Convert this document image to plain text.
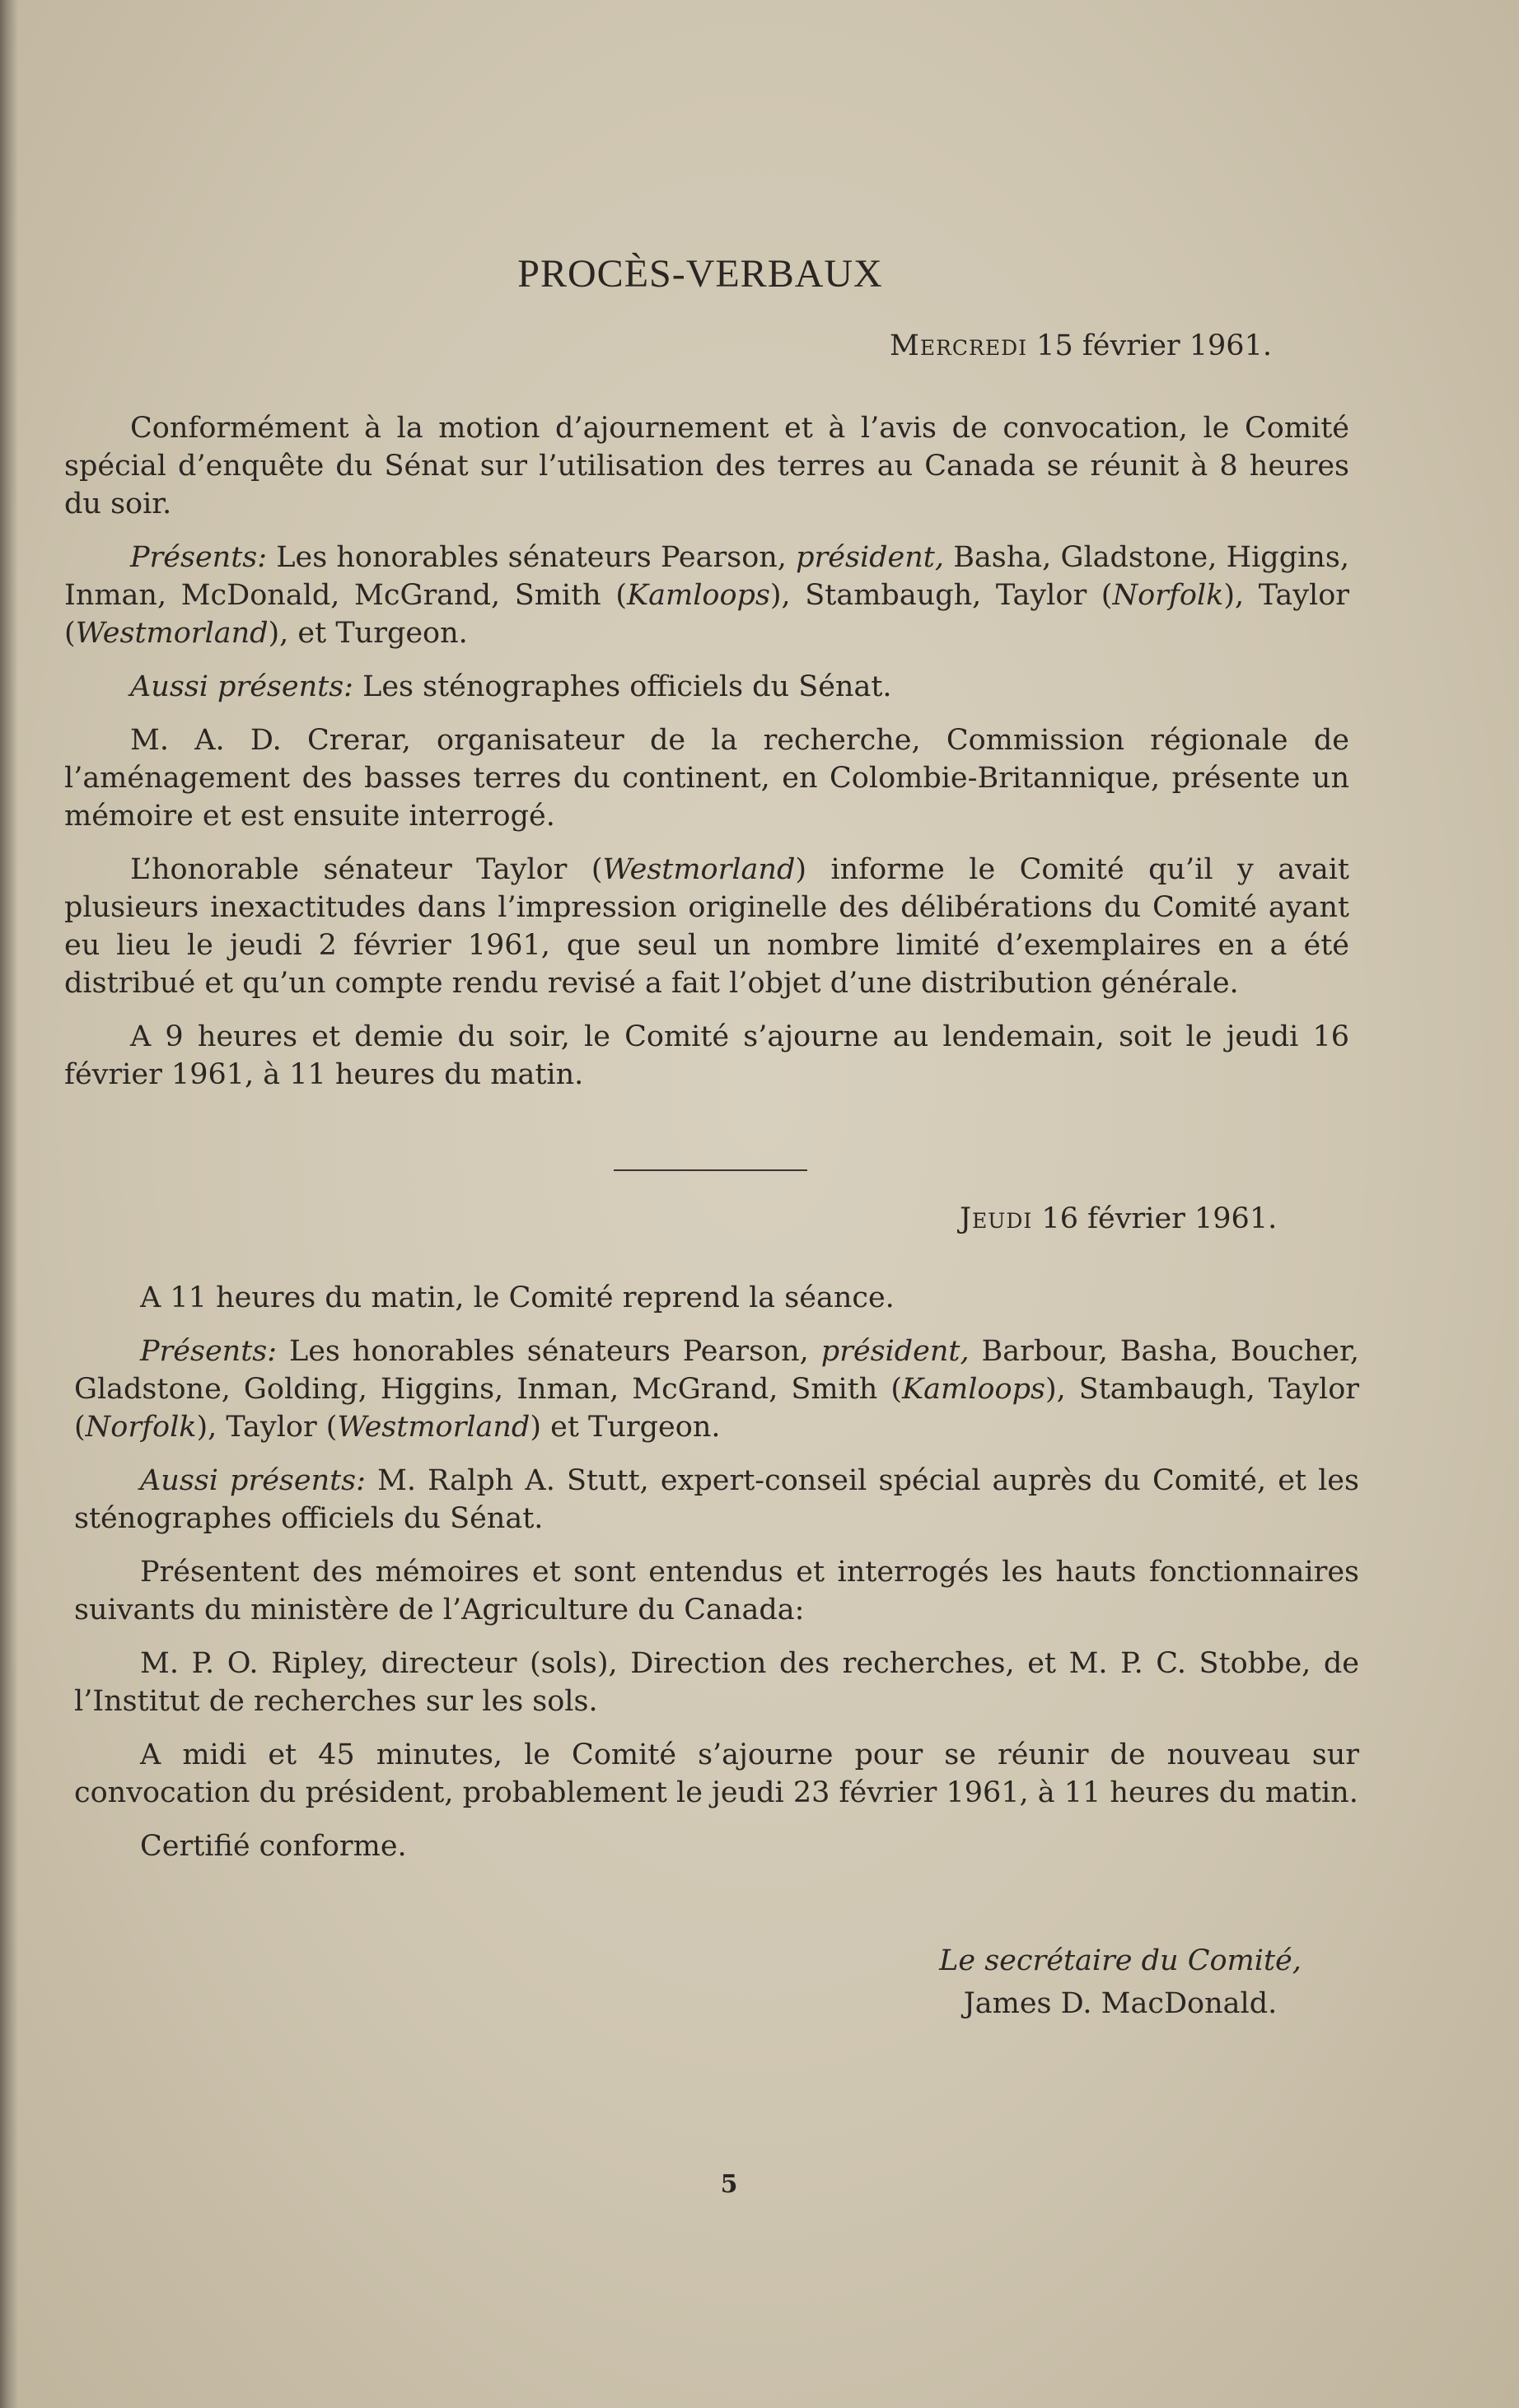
PROCÈS-VERBAUX
Mercredi 15 février 1961.

Conformément à la motion d’ajournement et à l’avis de convocation, le Comité spécial d’enquête du Sénat sur l’utilisation des terres au Canada se réunit à 8 heures du soir.

Présents: Les honorables sénateurs Pearson, président, Basha, Gladstone, Higgins, Inman, McDonald, McGrand, Smith (Kamloops), Stambaugh, Taylor (Norfolk), Taylor (Westmorland), et Turgeon.

Aussi présents: Les sténographes officiels du Sénat.

M. A. D. Crerar, organisateur de la recherche, Commission régionale de l’aménagement des basses terres du continent, en Colombie-Britannique, présente un mémoire et est ensuite interrogé.

L’honorable sénateur Taylor (Westmorland) informe le Comité qu’il y avait plusieurs inexactitudes dans l’impression originelle des délibérations du Comité ayant eu lieu le jeudi 2 février 1961, que seul un nombre limité d’exemplaires en a été distribué et qu’un compte rendu revisé a fait l’objet d’une distribution générale.

A 9 heures et demie du soir, le Comité s’ajourne au lendemain, soit le jeudi 16 février 1961, à 11 heures du matin.

Jeudi 16 février 1961.

A 11 heures du matin, le Comité reprend la séance.

Présents: Les honorables sénateurs Pearson, président, Barbour, Basha, Boucher, Gladstone, Golding, Higgins, Inman, McGrand, Smith (Kamloops), Stambaugh, Taylor (Norfolk), Taylor (Westmorland) et Turgeon.

Aussi présents: M. Ralph A. Stutt, expert-conseil spécial auprès du Comité, et les sténographes officiels du Sénat.

Présentent des mémoires et sont entendus et interrogés les hauts fonctionnaires suivants du ministère de l’Agriculture du Canada:

M. P. O. Ripley, directeur (sols), Direction des recherches, et M. P. C. Stobbe, de l’Institut de recherches sur les sols.

A midi et 45 minutes, le Comité s’ajourne pour se réunir de nouveau sur convocation du président, probablement le jeudi 23 février 1961, à 11 heures du matin.

Certifié conforme.

Le secrétaire du Comité,
James D. MacDonald.
5
